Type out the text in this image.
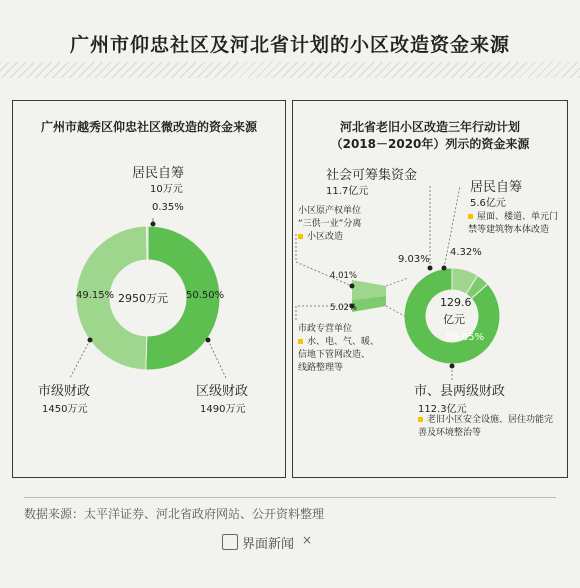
广州市仰忠社区及河北省计划的小区改造资金来源
广州市越秀区仰忠社区微改造的资金来源	河北省老旧小区改造三年行动计划
（2018－2020年）列示的资金来源
居民自筹
10万元
0.35%
49.15%	50.50%
2950万元
市级财政
1450万元
区级财政
1490万元
社会可筹集资金
11.7亿元	居民自筹
5.6亿元
屋面、楼道、单元门禁等建筑物本体改造
9.03%
4.32%
129.6
亿元
86.65%
市、县两级财政
112.3亿元
老旧小区安全设施、居住功能完善及环境整治等
小区原产权单位
“三供一业”分离
小区改造
4.01%
5.02%
市政专营单位
水、电、气、暖、
信地下管网改造、
线路整理等
数据来源：太平洋证券、河北省政府网站、公开资料整理
界面新闻 ×
